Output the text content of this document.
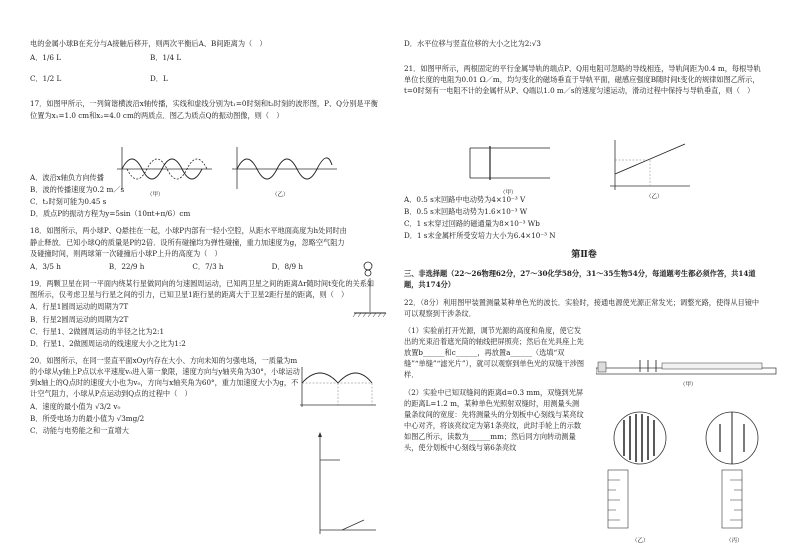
电的金属小球B在充分与A接触后移开，则两次平衡后A、B间距离为（　）

A．1/6 L	B．1/4 L
C．1/2 L	D．L

17．如图甲所示，一列简谐横波沿x轴传播，实线和虚线分别为t₁=0时刻和t₂时刻的波形图，P、Q分别是平衡位置为x₁=1.0 cm和x₂=4.0 cm的两质点．图乙为质点Q的振动图像，则（　）

A．波沿x轴负方向传播

B．波的传播速度为0.2 m／s

C．t₂时刻可能为0.45 s

D．质点P的振动方程为y=5sin（10πt+π/6）cm

18．如图所示，两小球P、Q悬挂在一起，小球P内部有一轻小空腔，从距水平地面高度为h处同时由静止释放．已知小球Q的质量是P的2倍．设所有碰撞均为弹性碰撞，重力加速度为g，忽略空气阻力及碰撞时间，则两球第一次碰撞后小球P上升的高度为（　）

A．3/5 h	B．22/9 h	C．7/3 h	D．8/9 h

19．两颗卫星在同一平面内绕某行星做同向的匀速圆周运动，已知两卫星之间的距离Δr随时间t变化的关系如图所示，仅考虑卫星与行星之间的引力，已知卫星1距行星的距离大于卫星2距行星的距离，则（　）

A．行星1圆周运动的周期为7T

B．行星2圆周运动的周期为2T

C．行星1、2做圆周运动的半径之比为2:1

D．行星1、2做圆周运动的线速度大小之比为1:2

20．如图所示，在同一竖直平面xOy内存在大小、方向未知的匀强电场，一质量为m的小球从y轴上P点以水平速度v₀进入第一象限，速度方向与y轴夹角为30°，小球运动到x轴上的Q点时的速度大小也为v₀，方向与x轴夹角为60°，重力加速度大小为g，不计空气阻力，小球从P点运动到Q点的过程中（　）

A．速度的最小值为 √3/2 v₀

B．所受电场力的最小值为 √3mg/2

C．动能与电势能之和一直增大

（甲）	（乙）

D．水平位移与竖直位移的大小之比为2:√3

21．如图甲所示，两根固定的平行金属导轨的端点P、Q用电阻可忽略的导线相连，导轨间距为0.4 m，每根导轨单位长度的电阻为0.01 Ω／m，均匀变化的磁场垂直于导轨平面，磁感应强度B随时间t变化的规律如图乙所示，t=0时刻有一电阻不计的金属杆从P、Q端以1.0 m／s的速度匀速运动，滑动过程中保持与导轨垂直，则（　）

A．0.5 s末回路中电动势为4×10⁻³ V

B．0.5 s末回路电动势为1.6×10⁻³ W

C．1 s末穿过回路的磁通量为8×10⁻³ Wb

D．1 s末金属杆所受安培力大小为6.4×10⁻³ N

第Ⅱ卷

三、非选择题（22～26物理62分，27～30化学58分，31～35生物54分，每道题考生都必须作答，共14道题，共174分）

22．（8分）利用图甲装置测量某种单色光的波长．实验时，接通电源使光源正常发光；调整光路，使得从目镜中可以观察到干涉条纹．

（1）实验前打开光源，调节光源的高度和角度，使它发出的光束沿着遮光筒的轴线把屏照亮；然后在光具座上先放置b______和c______，再放置a______（选填“双缝”“单缝”“滤光片”），就可以观察到单色光的双缝干涉图样．

（2）实验中已知双缝间的距离d=0.3 mm，双缝到光屏的距离L=1.2 m，某种单色光照射双缝时，用测量头测量条纹间的宽度：先将测量头的分划板中心刻线与某亮纹中心对齐，将该亮纹定为第1条亮纹，此时手轮上的示数如图乙所示，读数为______mm；然后同方向转动测量头，使分划板中心刻线与第6条亮纹

（甲）
（乙）
（甲）
（乙）	（丙）
